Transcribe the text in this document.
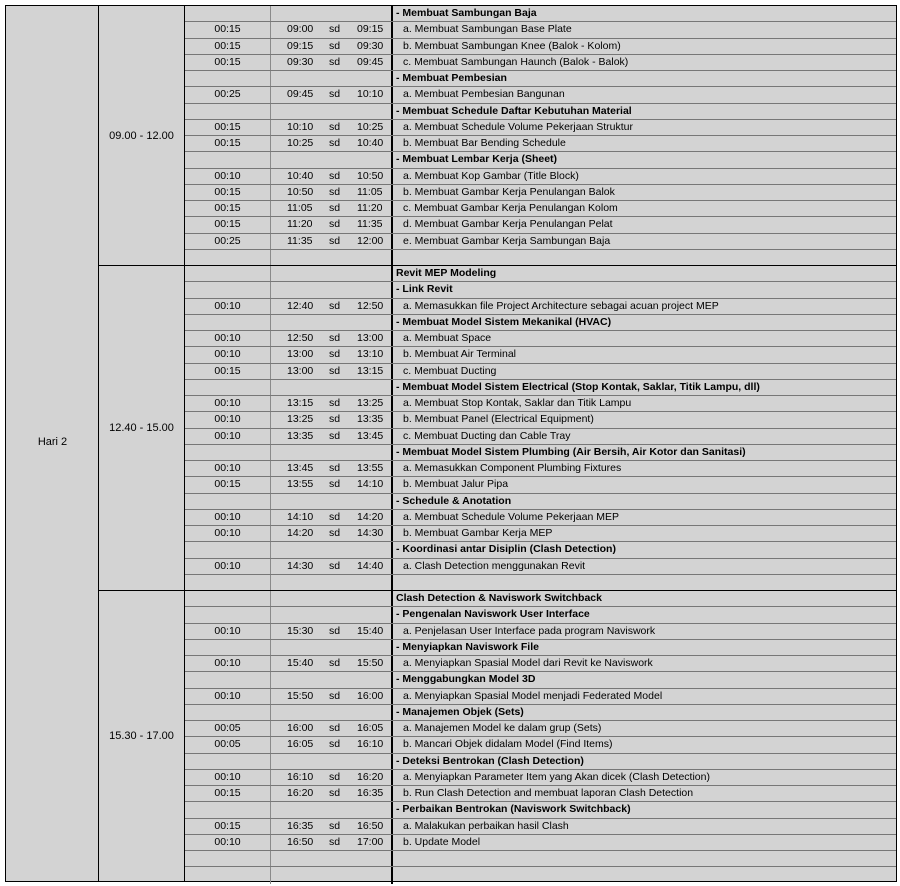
Hari 2
09.00 - 12.00
- Membuat Sambungan Baja
00:15	09:00 sd 09:15	a. Membuat Sambungan Base Plate
00:15	09:15 sd 09:30	b. Membuat Sambungan Knee (Balok - Kolom)
00:15	09:30 sd 09:45	c. Membuat Sambungan Haunch (Balok - Balok)
- Membuat Pembesian
00:25	09:45 sd 10:10	a. Membuat Pembesian Bangunan
- Membuat Schedule Daftar Kebutuhan Material
00:15	10:10 sd 10:25	a. Membuat Schedule Volume Pekerjaan Struktur
00:15	10:25 sd 10:40	b. Membuat Bar Bending Schedule
- Membuat Lembar Kerja (Sheet)
00:10	10:40 sd 10:50	a. Membuat Kop Gambar (Title Block)
00:15	10:50 sd 11:05	b. Membuat Gambar Kerja Penulangan Balok
00:15	11:05 sd 11:20	c. Membuat Gambar Kerja Penulangan Kolom
00:15	11:20 sd 11:35	d. Membuat Gambar Kerja Penulangan Pelat
00:25	11:35 sd 12:00	e. Membuat Gambar Kerja Sambungan Baja
12.40 - 15.00
Revit MEP Modeling
- Link Revit
00:10	12:40 sd 12:50	a. Memasukkan file Project Architecture sebagai acuan project MEP
- Membuat Model Sistem Mekanikal (HVAC)
00:10	12:50 sd 13:00	a. Membuat Space
00:10	13:00 sd 13:10	b. Membuat Air Terminal
00:15	13:00 sd 13:15	c. Membuat Ducting
- Membuat Model Sistem Electrical (Stop Kontak, Saklar, Titik Lampu, dll)
00:10	13:15 sd 13:25	a. Membuat Stop Kontak, Saklar dan Titik Lampu
00:10	13:25 sd 13:35	b. Membuat Panel (Electrical Equipment)
00:10	13:35 sd 13:45	c. Membuat Ducting dan Cable Tray
- Membuat Model Sistem Plumbing (Air Bersih, Air Kotor dan Sanitasi)
00:10	13:45 sd 13:55	a. Memasukkan Component Plumbing Fixtures
00:15	13:55 sd 14:10	b. Membuat Jalur Pipa
- Schedule & Anotation
00:10	14:10 sd 14:20	a. Membuat Schedule Volume Pekerjaan MEP
00:10	14:20 sd 14:30	b. Membuat Gambar Kerja MEP
- Koordinasi antar Disiplin (Clash Detection)
00:10	14:30 sd 14:40	a. Clash Detection menggunakan Revit
15.30 - 17.00
Clash Detection & Naviswork Switchback
- Pengenalan Naviswork User Interface
00:10	15:30 sd 15:40	a. Penjelasan User Interface pada program Naviswork
- Menyiapkan Naviswork File
00:10	15:40 sd 15:50	a. Menyiapkan Spasial Model dari Revit ke Naviswork
- Menggabungkan Model 3D
00:10	15:50 sd 16:00	a. Menyiapkan Spasial Model menjadi Federated Model
- Manajemen Objek (Sets)
00:05	16:00 sd 16:05	a. Manajemen Model ke dalam grup (Sets)
00:05	16:05 sd 16:10	b. Mancari Objek didalam Model (Find Items)
- Deteksi Bentrokan (Clash Detection)
00:10	16:10 sd 16:20	a. Menyiapkan Parameter Item yang Akan dicek (Clash Detection)
00:15	16:20 sd 16:35	b. Run Clash Detection and membuat laporan Clash Detection
- Perbaikan Bentrokan (Naviswork Switchback)
00:15	16:35 sd 16:50	a. Malakukan perbaikan hasil Clash
00:10	16:50 sd 17:00	b. Update Model
